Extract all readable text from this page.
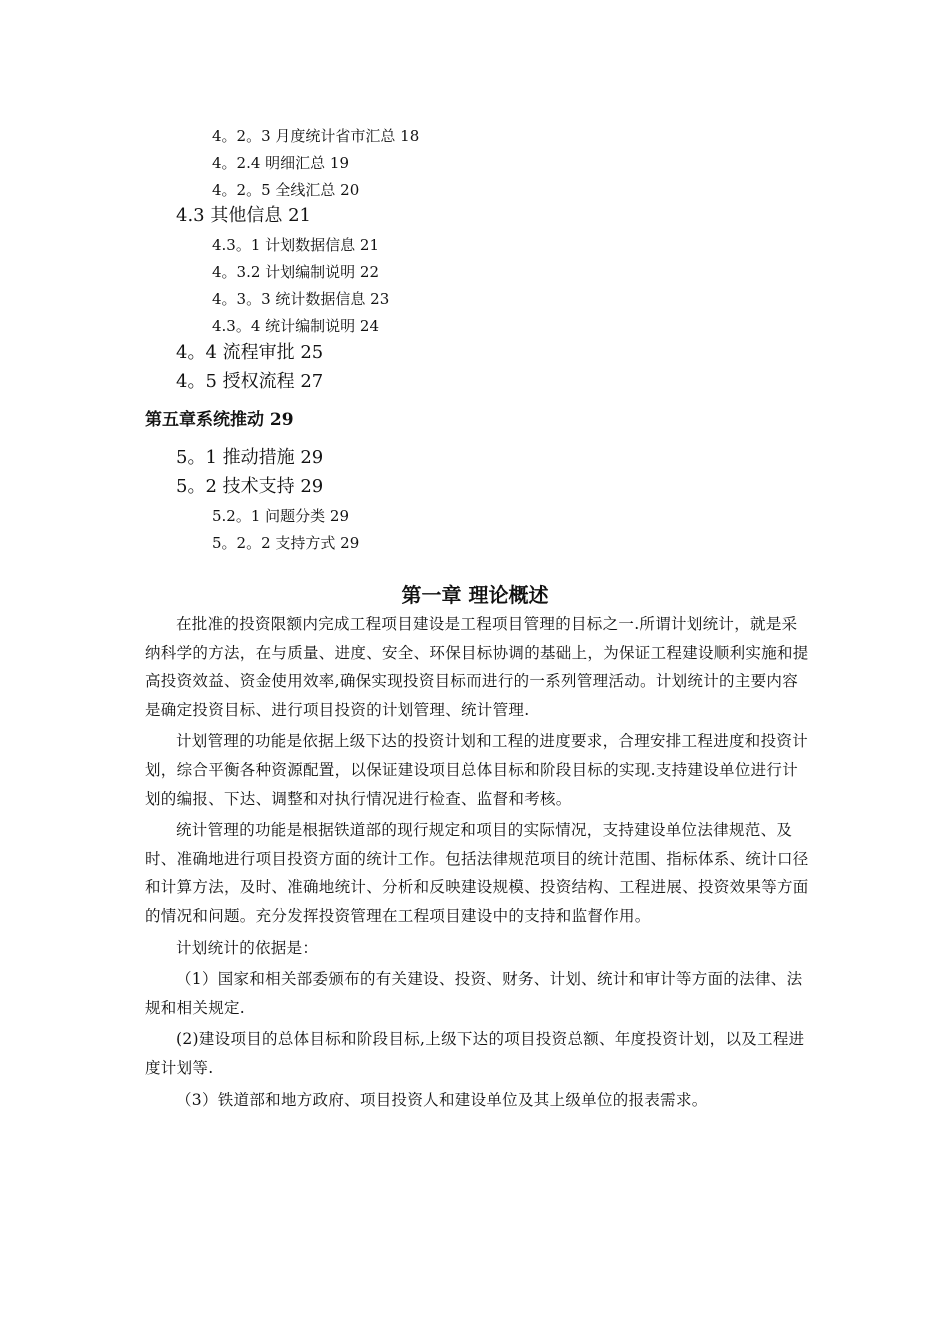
4。2。3 月度统计省市汇总 18
4。2.4 明细汇总 19
4。2。5 全线汇总 20
4.3 其他信息 21
4.3。1 计划数据信息 21
4。3.2 计划编制说明 22
4。3。3 统计数据信息 23
4.3。4 统计编制说明 24
4。4 流程审批 25
4。5 授权流程 27
第五章系统推动 29
5。1 推动措施 29
5。2 技术支持 29
5.2。1 问题分类 29
5。2。2 支持方式 29
第一章 理论概述

在批准的投资限额内完成工程项目建设是工程项目管理的目标之一.所谓计划统计，就是采纳科学的方法，在与质量、进度、安全、环保目标协调的基础上，为保证工程建设顺利实施和提高投资效益、资金使用效率,确保实现投资目标而进行的一系列管理活动。计划统计的主要内容是确定投资目标、进行项目投资的计划管理、统计管理.

计划管理的功能是依据上级下达的投资计划和工程的进度要求，合理安排工程进度和投资计划，综合平衡各种资源配置，以保证建设项目总体目标和阶段目标的实现.支持建设单位进行计划的编报、下达、调整和对执行情况进行检查、监督和考核。

统计管理的功能是根据铁道部的现行规定和项目的实际情况，支持建设单位法律规范、及时、准确地进行项目投资方面的统计工作。包括法律规范项目的统计范围、指标体系、统计口径和计算方法，及时、准确地统计、分析和反映建设规模、投资结构、工程进展、投资效果等方面的情况和问题。充分发挥投资管理在工程项目建设中的支持和监督作用。

计划统计的依据是：

（1）国家和相关部委颁布的有关建设、投资、财务、计划、统计和审计等方面的法律、法规和相关规定.

(2)建设项目的总体目标和阶段目标,上级下达的项目投资总额、年度投资计划，以及工程进度计划等.

（3）铁道部和地方政府、项目投资人和建设单位及其上级单位的报表需求。
